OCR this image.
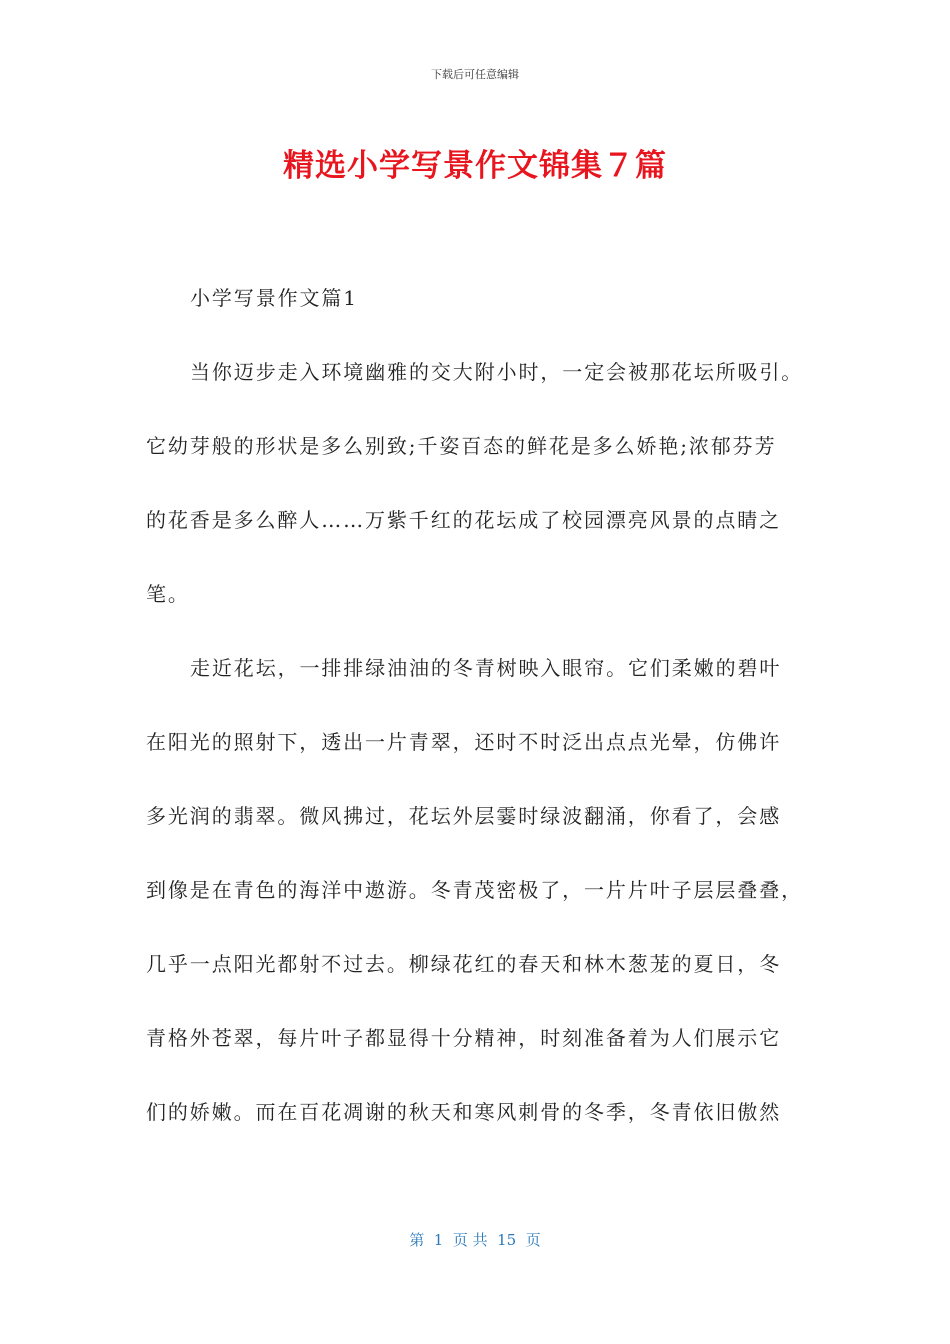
下载后可任意编辑
精选小学写景作文锦集７篇
小学写景作文篇1
当你迈步走入环境幽雅的交大附小时，一定会被那花坛所吸引。
它幼芽般的形状是多么别致;千姿百态的鲜花是多么娇艳;浓郁芬芳
的花香是多么醉人……万紫千红的花坛成了校园漂亮风景的点睛之
笔。
走近花坛，一排排绿油油的冬青树映入眼帘。它们柔嫩的碧叶
在阳光的照射下，透出一片青翠，还时不时泛出点点光晕，仿佛许
多光润的翡翠。微风拂过，花坛外层霎时绿波翻涌，你看了，会感
到像是在青色的海洋中遨游。冬青茂密极了，一片片叶子层层叠叠，
几乎一点阳光都射不过去。柳绿花红的春天和林木葱茏的夏日，冬
青格外苍翠，每片叶子都显得十分精神，时刻准备着为人们展示它
们的娇嫩。而在百花凋谢的秋天和寒风刺骨的冬季，冬青依旧傲然
第  1  页 共  15  页
